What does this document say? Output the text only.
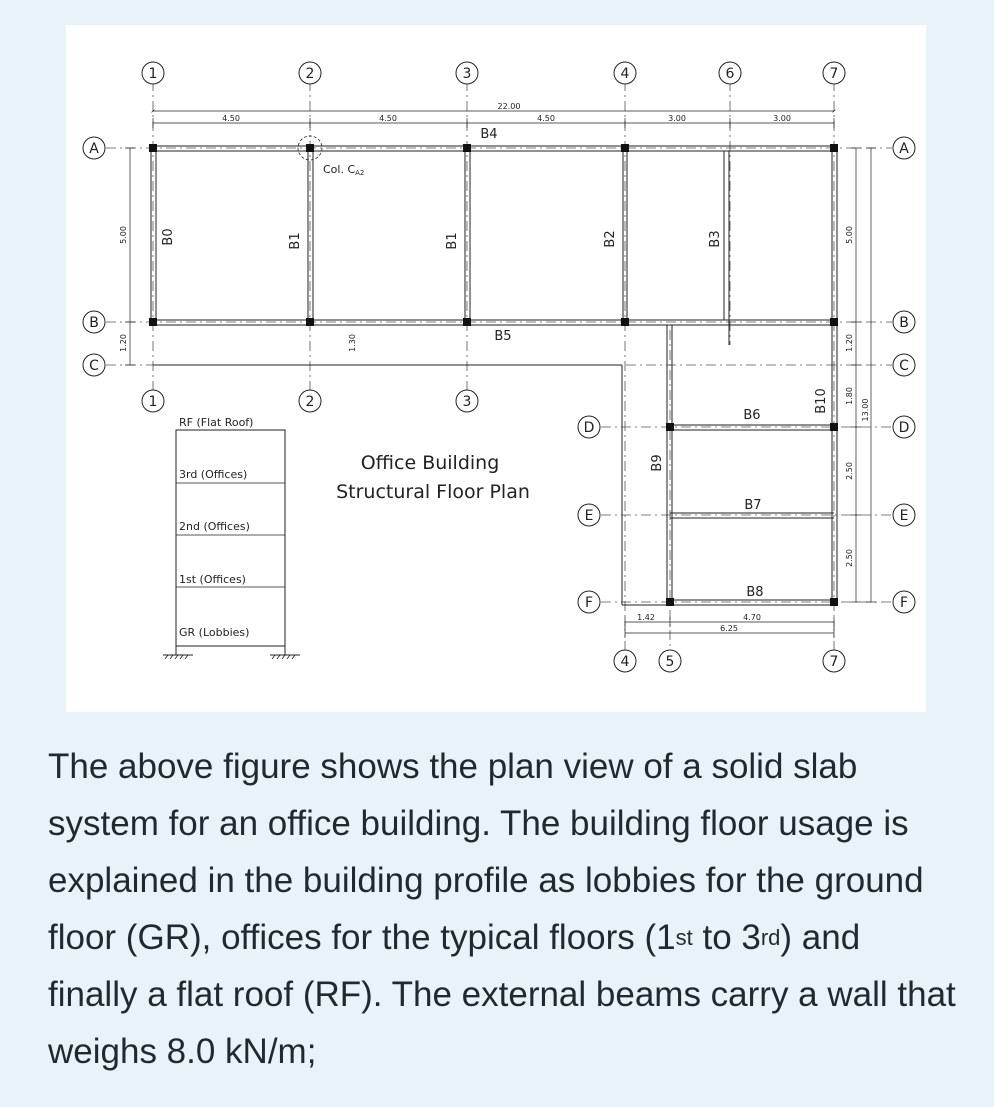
1	2	3	4	6	7
1	2	3
4	5	7
A
B
C
A
B
C
D
E
F
D
E
F
22.00
4.50	4.50	4.50	3.00	3.00
5.00
1.20
5.00
1.20
1.80
2.50
2.50
13.00
1.42	4.70
6.25
1.30
Col. CA2
B0	B1	B1	B2	B3
B4
B5
B6
B7
B8
B9
B10
Office Building
Structural Floor Plan
RF (Flat Roof)
3rd (Offices)
2nd (Offices)
1st (Offices)
GR (Lobbies)
The above figure shows the plan view of a solid slab system for an office building. The building floor usage is explained in the building profile as lobbies for the ground floor (GR), offices for the typical floors (1st to 3rd) and finally a flat roof (RF). The external beams carry a wall that weighs 8.0 kN/m;
